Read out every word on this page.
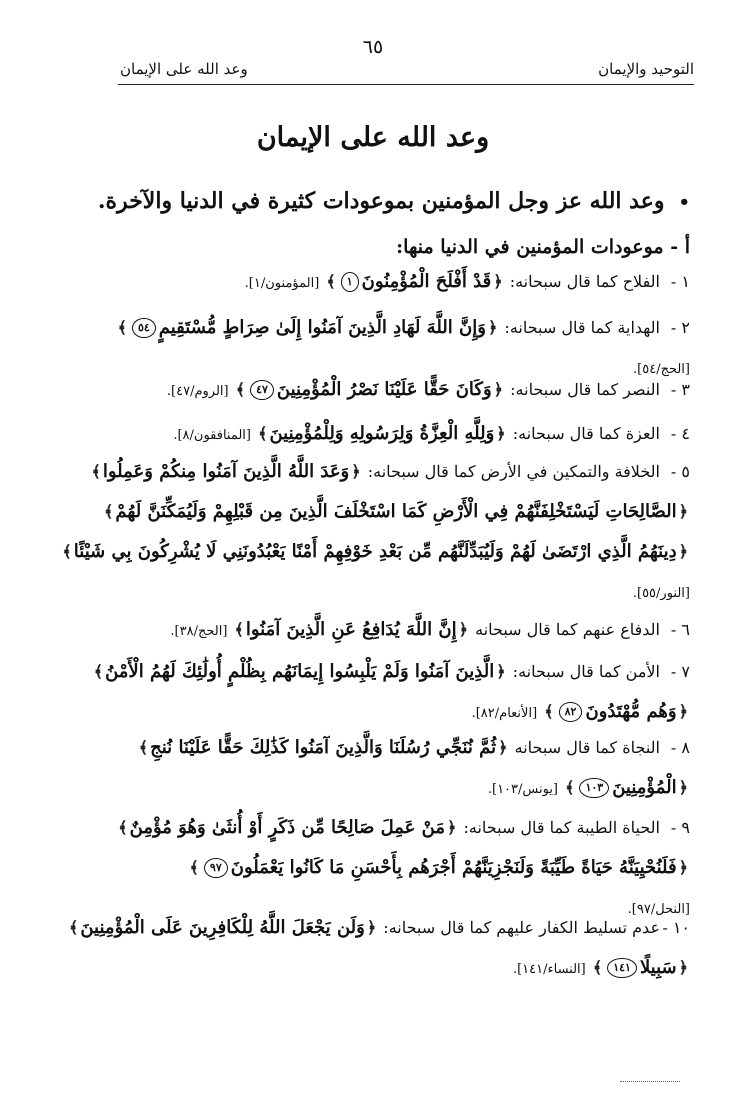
٦٥
التوحيد والإيمان
وعد الله على الإيمان
وعد الله على الإيمان
•وعد الله عز وجل المؤمنين بموعودات كثيرة في الدنيا والآخرة.
أ - موعودات المؤمنين في الدنيا منها:
١ -الفلاح كما قال سبحانه: ﴿قَدْ أَفْلَحَ الْمُؤْمِنُونَ١﴾ [المؤمنون/١].
٢ -الهداية كما قال سبحانه: ﴿وَإِنَّ اللَّهَ لَهَادِ الَّذِينَ آمَنُوا إِلَىٰ صِرَاطٍ مُّسْتَقِيمٍ٥٤﴾
[الحج/٥٤].
٣ -النصر كما قال سبحانه: ﴿وَكَانَ حَقًّا عَلَيْنَا نَصْرُ الْمُؤْمِنِينَ٤٧﴾ [الروم/٤٧].
٤ -العزة كما قال سبحانه: ﴿وَلِلَّهِ الْعِزَّةُ وَلِرَسُولِهِ وَلِلْمُؤْمِنِينَ﴾ [المنافقون/٨].
٥ -الخلافة والتمكين في الأرض كما قال سبحانه: ﴿وَعَدَ اللَّهُ الَّذِينَ آمَنُوا مِنكُمْ وَعَمِلُوا﴾
﴿الصَّالِحَاتِ لَيَسْتَخْلِفَنَّهُمْ فِي الْأَرْضِ كَمَا اسْتَخْلَفَ الَّذِينَ مِن قَبْلِهِمْ وَلَيُمَكِّنَنَّ لَهُمْ﴾
﴿دِينَهُمُ الَّذِي ارْتَضَىٰ لَهُمْ وَلَيُبَدِّلَنَّهُم مِّن بَعْدِ خَوْفِهِمْ أَمْنًا يَعْبُدُونَنِي لَا يُشْرِكُونَ بِي شَيْئًا﴾
[النور/٥٥].
٦ -الدفاع عنهم كما قال سبحانه ﴿إِنَّ اللَّهَ يُدَافِعُ عَنِ الَّذِينَ آمَنُوا﴾ [الحج/٣٨].
٧ -الأمن كما قال سبحانه: ﴿الَّذِينَ آمَنُوا وَلَمْ يَلْبِسُوا إِيمَانَهُم بِظُلْمٍ أُولَٰئِكَ لَهُمُ الْأَمْنُ﴾
﴿وَهُم مُّهْتَدُونَ٨٢﴾ [الأنعام/٨٢].
٨ -النجاة كما قال سبحانه ﴿ثُمَّ نُنَجِّي رُسُلَنَا وَالَّذِينَ آمَنُوا كَذَٰلِكَ حَقًّا عَلَيْنَا نُنجِ﴾
﴿الْمُؤْمِنِينَ١٠٣﴾ [يونس/١٠٣].
٩ -الحياة الطيبة كما قال سبحانه: ﴿مَنْ عَمِلَ صَالِحًا مِّن ذَكَرٍ أَوْ أُنثَىٰ وَهُوَ مُؤْمِنٌ﴾
﴿فَلَنُحْيِيَنَّهُ حَيَاةً طَيِّبَةً وَلَنَجْزِيَنَّهُمْ أَجْرَهُم بِأَحْسَنِ مَا كَانُوا يَعْمَلُونَ٩٧﴾
[النحل/٩٧].
١٠ -عدم تسليط الكفار عليهم كما قال سبحانه: ﴿وَلَن يَجْعَلَ اللَّهُ لِلْكَافِرِينَ عَلَى الْمُؤْمِنِينَ﴾
﴿سَبِيلًا١٤١﴾ [النساء/١٤١].
